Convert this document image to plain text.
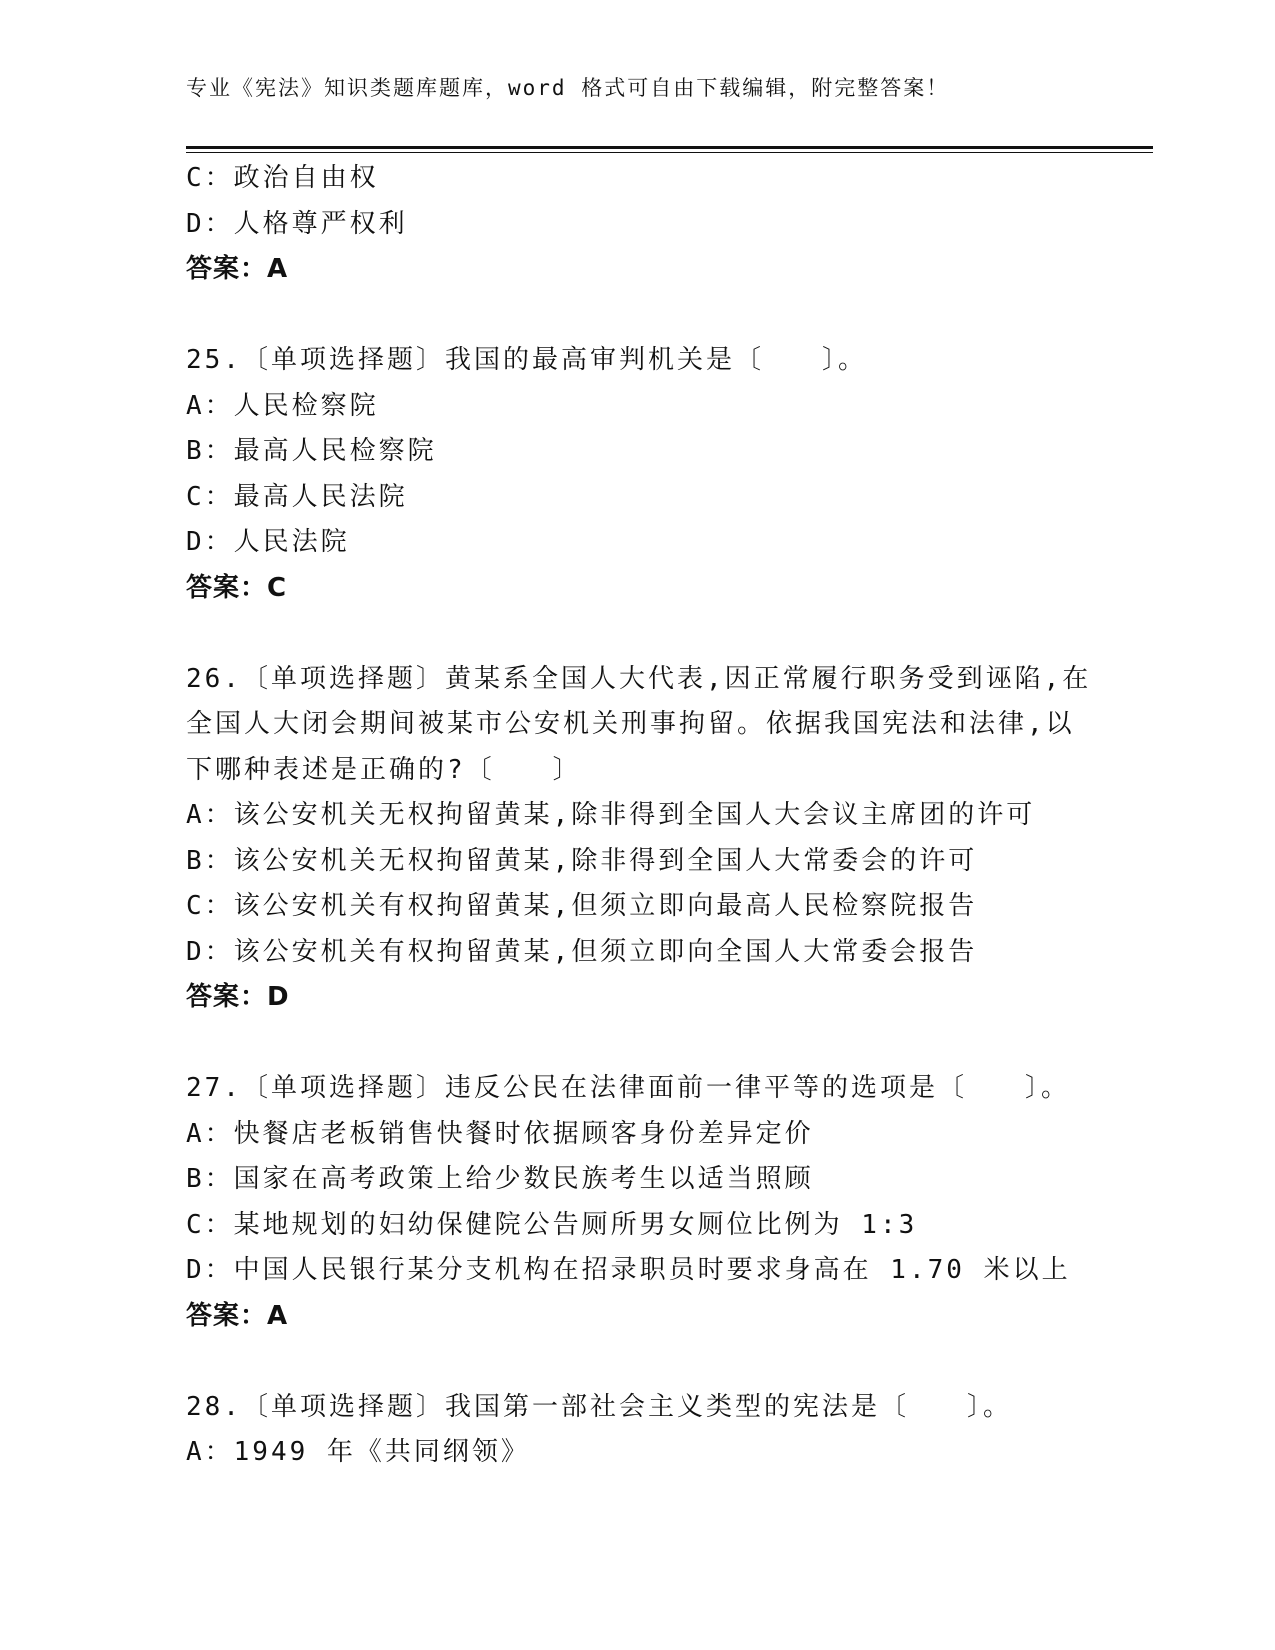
专业《宪法》知识类题库题库，word 格式可自由下载编辑，附完整答案！
C：政治自由权
D：人格尊严权利
答案：A
25.〔单项选择题〕我国的最高审判机关是〔　　〕。
A：人民检察院
B：最高人民检察院
C：最高人民法院
D：人民法院
答案：C
26.〔单项选择题〕黄某系全国人大代表,因正常履行职务受到诬陷,在
全国人大闭会期间被某市公安机关刑事拘留。依据我国宪法和法律,以
下哪种表述是正确的?〔　　〕
A：该公安机关无权拘留黄某,除非得到全国人大会议主席团的许可
B：该公安机关无权拘留黄某,除非得到全国人大常委会的许可
C：该公安机关有权拘留黄某,但须立即向最高人民检察院报告
D：该公安机关有权拘留黄某,但须立即向全国人大常委会报告
答案：D
27.〔单项选择题〕违反公民在法律面前一律平等的选项是〔　　〕。
A：快餐店老板销售快餐时依据顾客身份差异定价
B：国家在高考政策上给少数民族考生以适当照顾
C：某地规划的妇幼保健院公告厕所男女厕位比例为 1:3
D：中国人民银行某分支机构在招录职员时要求身高在 1.70 米以上
答案：A
28.〔单项选择题〕我国第一部社会主义类型的宪法是〔　　〕。
A：1949 年《共同纲领》
